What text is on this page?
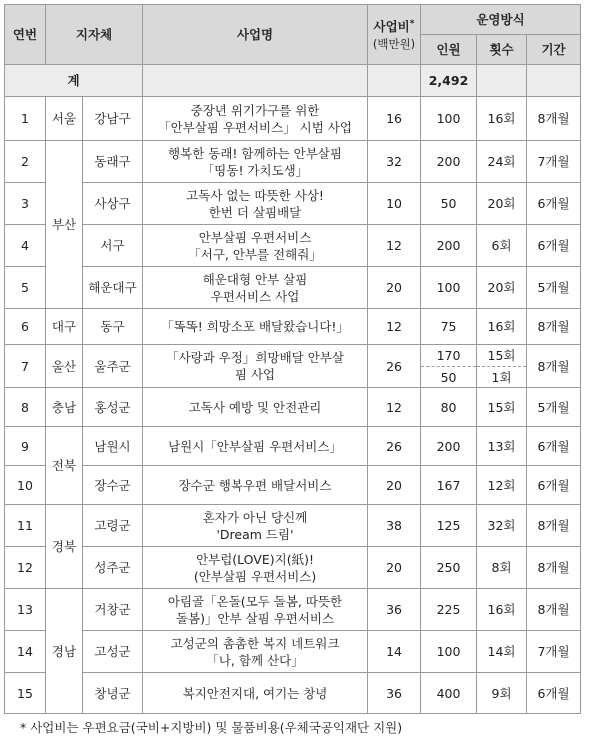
연번	지자체		사업명	사업비*
(백만원)	운영방식		
					인원	횟수	기간
계					2,492		
1	서울	강남구	중장년 위기가구를 위한
「안부살핌 우편서비스」 시범 사업	16	100	16회	8개월
2	부산	동래구	행복한 동래! 함께하는 안부살핌
「띵동! 가치도생」	32	200	24회	7개월
3		사상구	고독사 없는 따뜻한 사상!
한번 더 살핌배달	10	50	20회	6개월
4		서구	안부살핌 우편서비스
「서구, 안부를 전해줘」	12	200	6회	6개월
5		해운대구	해운대형 안부 살핌
우편서비스 사업	20	100	20회	5개월
6	대구	동구	「똑똑! 희망소포 배달왔습니다!」	12	75	16회	8개월
7	울산	울주군	「사랑과 우정」희망배달 안부살
핌 사업	26	170	15회	8개월
					50	1회	
8	충남	홍성군	고독사 예방 및 안전관리	12	80	15회	5개월
9	전북	남원시	남원시「안부살핌 우편서비스」	26	200	13회	6개월
10		장수군	장수군 행복우편 배달서비스	20	167	12회	6개월
11	경북	고령군	혼자가 아닌 당신께
'Dream 드림'	38	125	32회	8개월
12		성주군	안부럽(LOVE)지(紙)!
(안부살핌 우편서비스)	20	250	8회	8개월
13	경남	거창군	아림골「온돌(모두 돌봄, 따뜻한
돌봄)」안부 살핌 우편서비스	36	225	16회	8개월
14		고성군	고성군의 촘촘한 복지 네트워크
「나, 함께 산다」	14	100	14회	7개월
15		창녕군	복지안전지대, 여기는 창녕	36	400	9회	6개월
* 사업비는 우편요금(국비+지방비) 및 물품비용(우체국공익재단 지원)
